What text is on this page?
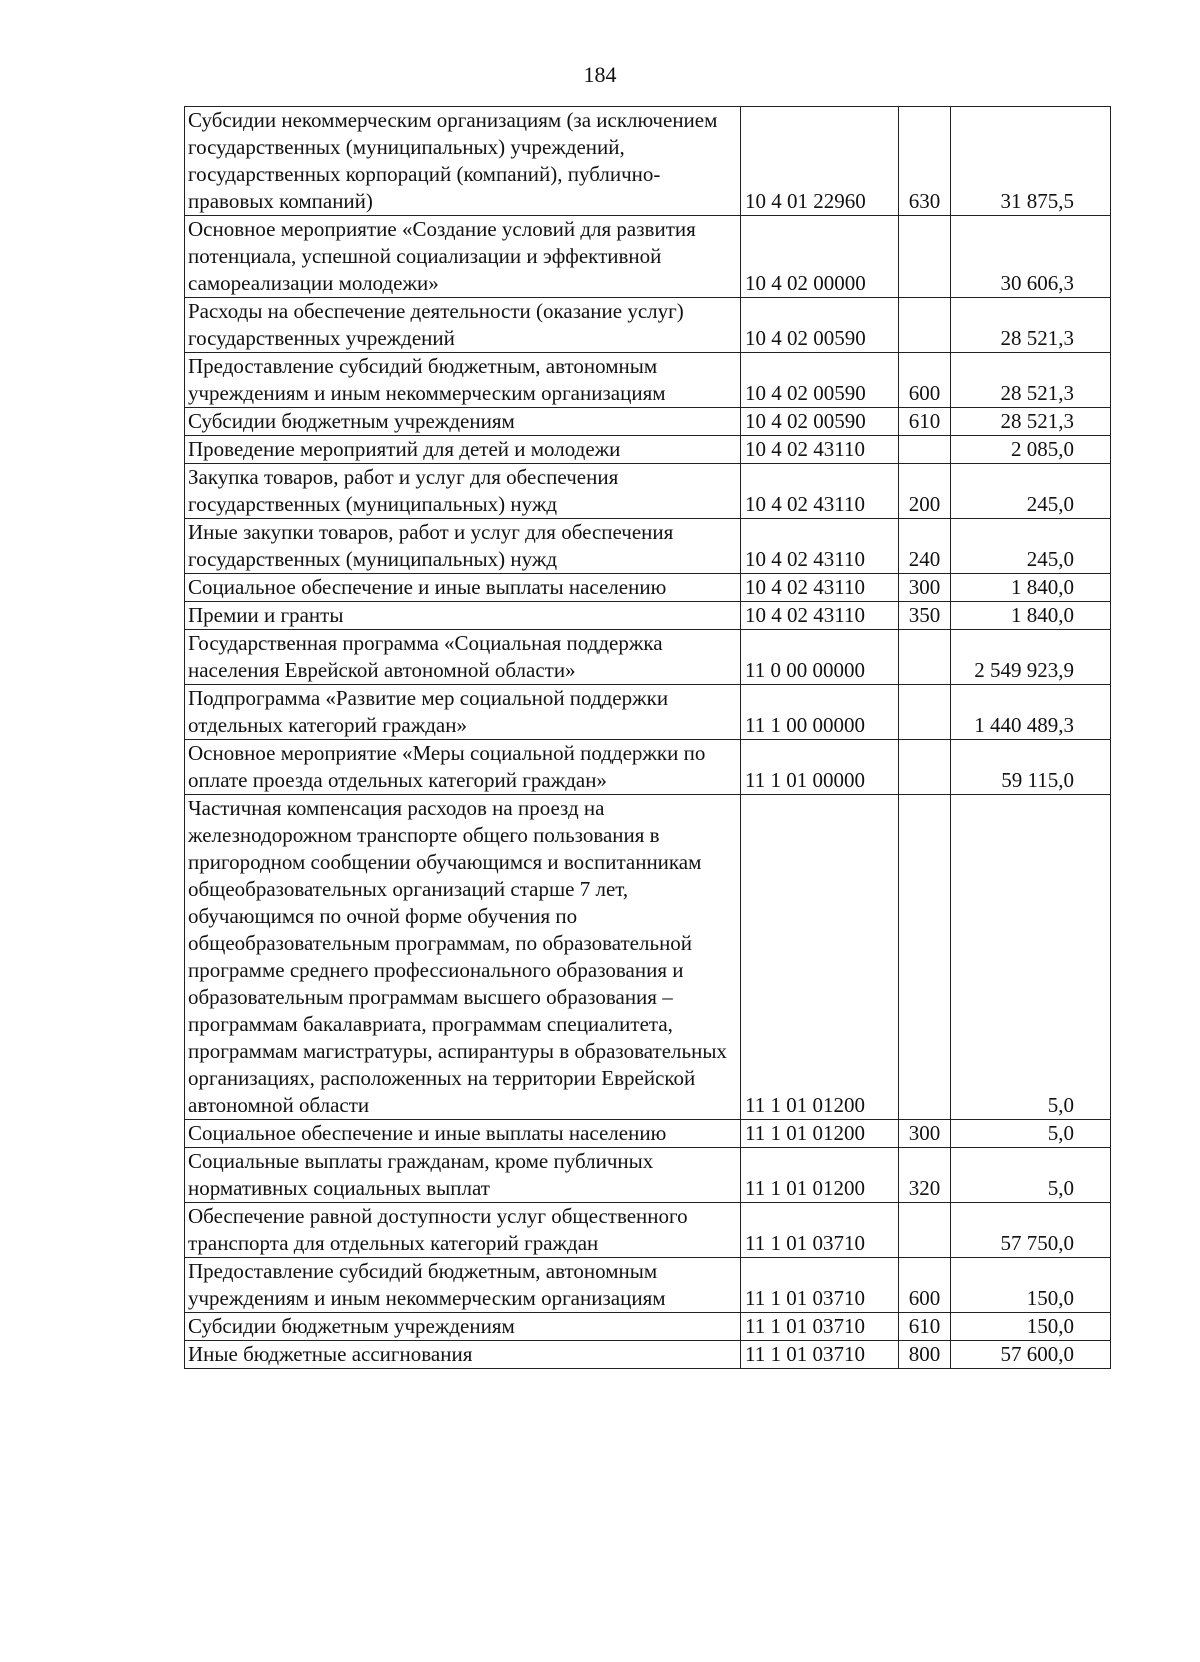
184
Субсидии некоммерческим организациям (за исключением государственных (муниципальных) учреждений, государственных корпораций (компаний), публично-правовых компаний)	10 4 01 22960	630	31 875,5
Основное мероприятие «Создание условий для развития потенциала, успешной социализации и эффективной самореализации молодежи»	10 4 02 00000		30 606,3
Расходы на обеспечение деятельности (оказание услуг) государственных учреждений	10 4 02 00590		28 521,3
Предоставление субсидий бюджетным, автономным учреждениям и иным некоммерческим организациям	10 4 02 00590	600	28 521,3
Субсидии бюджетным учреждениям	10 4 02 00590	610	28 521,3
Проведение мероприятий для детей и молодежи	10 4 02 43110		2 085,0
Закупка товаров, работ и услуг для обеспечения государственных (муниципальных) нужд	10 4 02 43110	200	245,0
Иные закупки товаров, работ и услуг для обеспечения государственных (муниципальных) нужд	10 4 02 43110	240	245,0
Социальное обеспечение и иные выплаты населению	10 4 02 43110	300	1 840,0
Премии и гранты	10 4 02 43110	350	1 840,0
Государственная программа «Социальная поддержка населения Еврейской автономной области»	11 0 00 00000		2 549 923,9
Подпрограмма «Развитие мер социальной поддержки отдельных категорий граждан»	11 1 00 00000		1 440 489,3
Основное мероприятие «Меры социальной поддержки по оплате проезда отдельных категорий граждан»	11 1 01 00000		59 115,0
Частичная компенсация расходов на проезд на железнодорожном транспорте общего пользования в пригородном сообщении обучающимся и воспитанникам общеобразовательных организаций старше 7 лет, обучающимся по очной форме обучения по общеобразовательным программам, по образовательной программе среднего профессионального образования и образовательным программам высшего образования – программам бакалавриата, программам специалитета, программам магистратуры, аспирантуры в образовательных организациях, расположенных на территории Еврейской автономной области	11 1 01 01200		5,0
Социальное обеспечение и иные выплаты населению	11 1 01 01200	300	5,0
Социальные выплаты гражданам, кроме публичных нормативных социальных выплат	11 1 01 01200	320	5,0
Обеспечение равной доступности услуг общественного транспорта для отдельных категорий граждан	11 1 01 03710		57 750,0
Предоставление субсидий бюджетным, автономным учреждениям и иным некоммерческим организациям	11 1 01 03710	600	150,0
Субсидии бюджетным учреждениям	11 1 01 03710	610	150,0
Иные бюджетные ассигнования	11 1 01 03710	800	57 600,0
